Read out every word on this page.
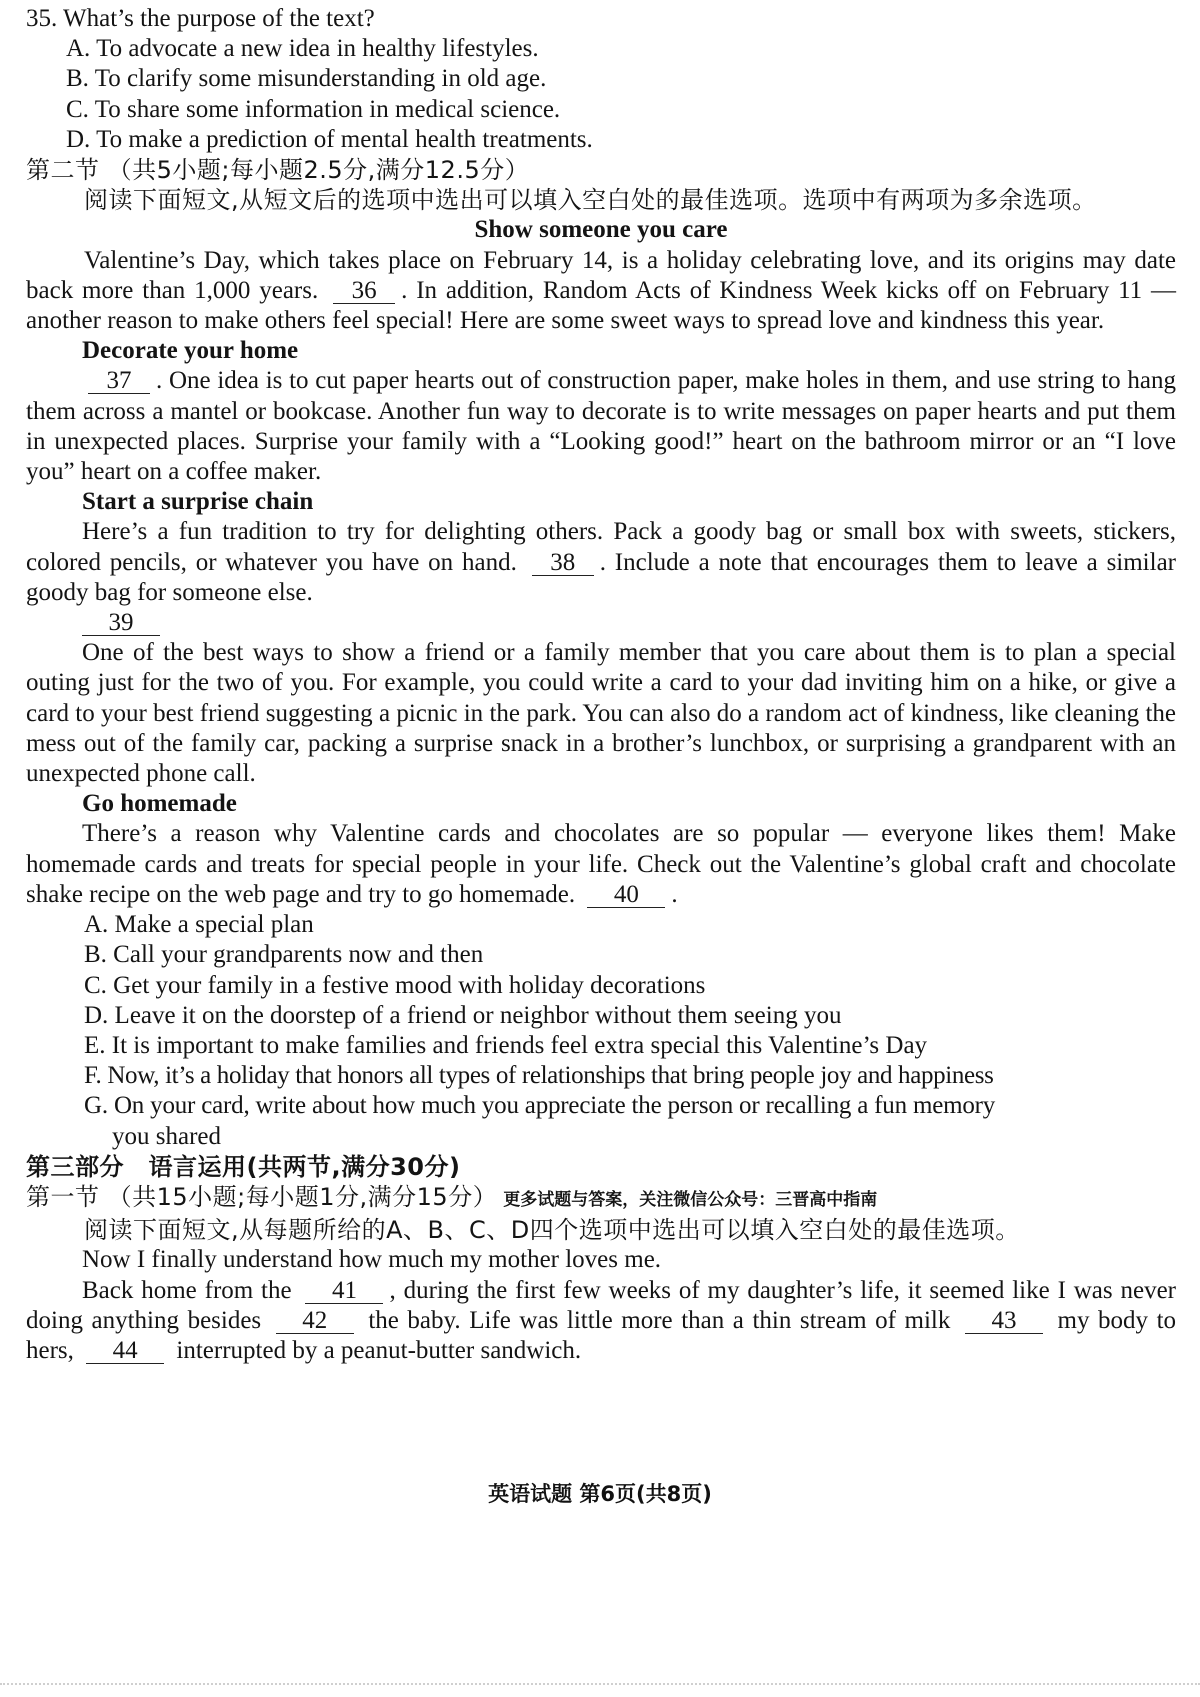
35. What’s the purpose of the text?
A. To advocate a new idea in healthy lifestyles.
B. To clarify some misunderstanding in old age.
C. To share some information in medical science.
D. To make a prediction of mental health treatments.
第二节 （共5小题;每小题2.5分,满分12.5分）
阅读下面短文,从短文后的选项中选出可以填入空白处的最佳选项。选项中有两项为多余选项。
Show someone you care
Valentine’s Day, which takes place on February 14, is a holiday celebrating love, and its origins may date back more than 1,000 years. 36 . In addition, Random Acts of Kindness Week kicks off on February 11 — another reason to make others feel special! Here are some sweet ways to spread love and kindness this year.
Decorate your home
37 . One idea is to cut paper hearts out of construction paper, make holes in them, and use string to hang them across a mantel or bookcase. Another fun way to decorate is to write messages on paper hearts and put them in unexpected places. Surprise your family with a “Looking good!” heart on the bathroom mirror or an “I love you” heart on a coffee maker.
Start a surprise chain
Here’s a fun tradition to try for delighting others. Pack a goody bag or small box with sweets, stickers, colored pencils, or whatever you have on hand. 38 . Include a note that encourages them to leave a similar goody bag for someone else.
39
One of the best ways to show a friend or a family member that you care about them is to plan a special outing just for the two of you. For example, you could write a card to your dad inviting him on a hike, or give a card to your best friend suggesting a picnic in the park. You can also do a random act of kindness, like cleaning the mess out of the family car, packing a surprise snack in a brother’s lunchbox, or surprising a grandparent with an unexpected phone call.
Go homemade
There’s a reason why Valentine cards and chocolates are so popular — everyone likes them! Make homemade cards and treats for special people in your life. Check out the Valentine’s global craft and chocolate shake recipe on the web page and try to go homemade. 40 .
A. Make a special plan
B. Call your grandparents now and then
C. Get your family in a festive mood with holiday decorations
D. Leave it on the doorstep of a friend or neighbor without them seeing you
E. It is important to make families and friends feel extra special this Valentine’s Day
F. Now, it’s a holiday that honors all types of relationships that bring people joy and happiness
G. On your card, write about how much you appreciate the person or recalling a fun memory
you shared
第三部分　语言运用(共两节,满分30分)
第一节 （共15小题;每小题1分,满分15分） 更多试题与答案，关注微信公众号：三晋高中指南
阅读下面短文,从每题所给的A、B、C、D四个选项中选出可以填入空白处的最佳选项。
Now I finally understand how much my mother loves me.
Back home from the 41 , during the first few weeks of my daughter’s life, it seemed like I was never doing anything besides 42 the baby. Life was little more than a thin stream of milk 43 my body to hers, 44 interrupted by a peanut-butter sandwich.
英语试题 第6页(共8页)
